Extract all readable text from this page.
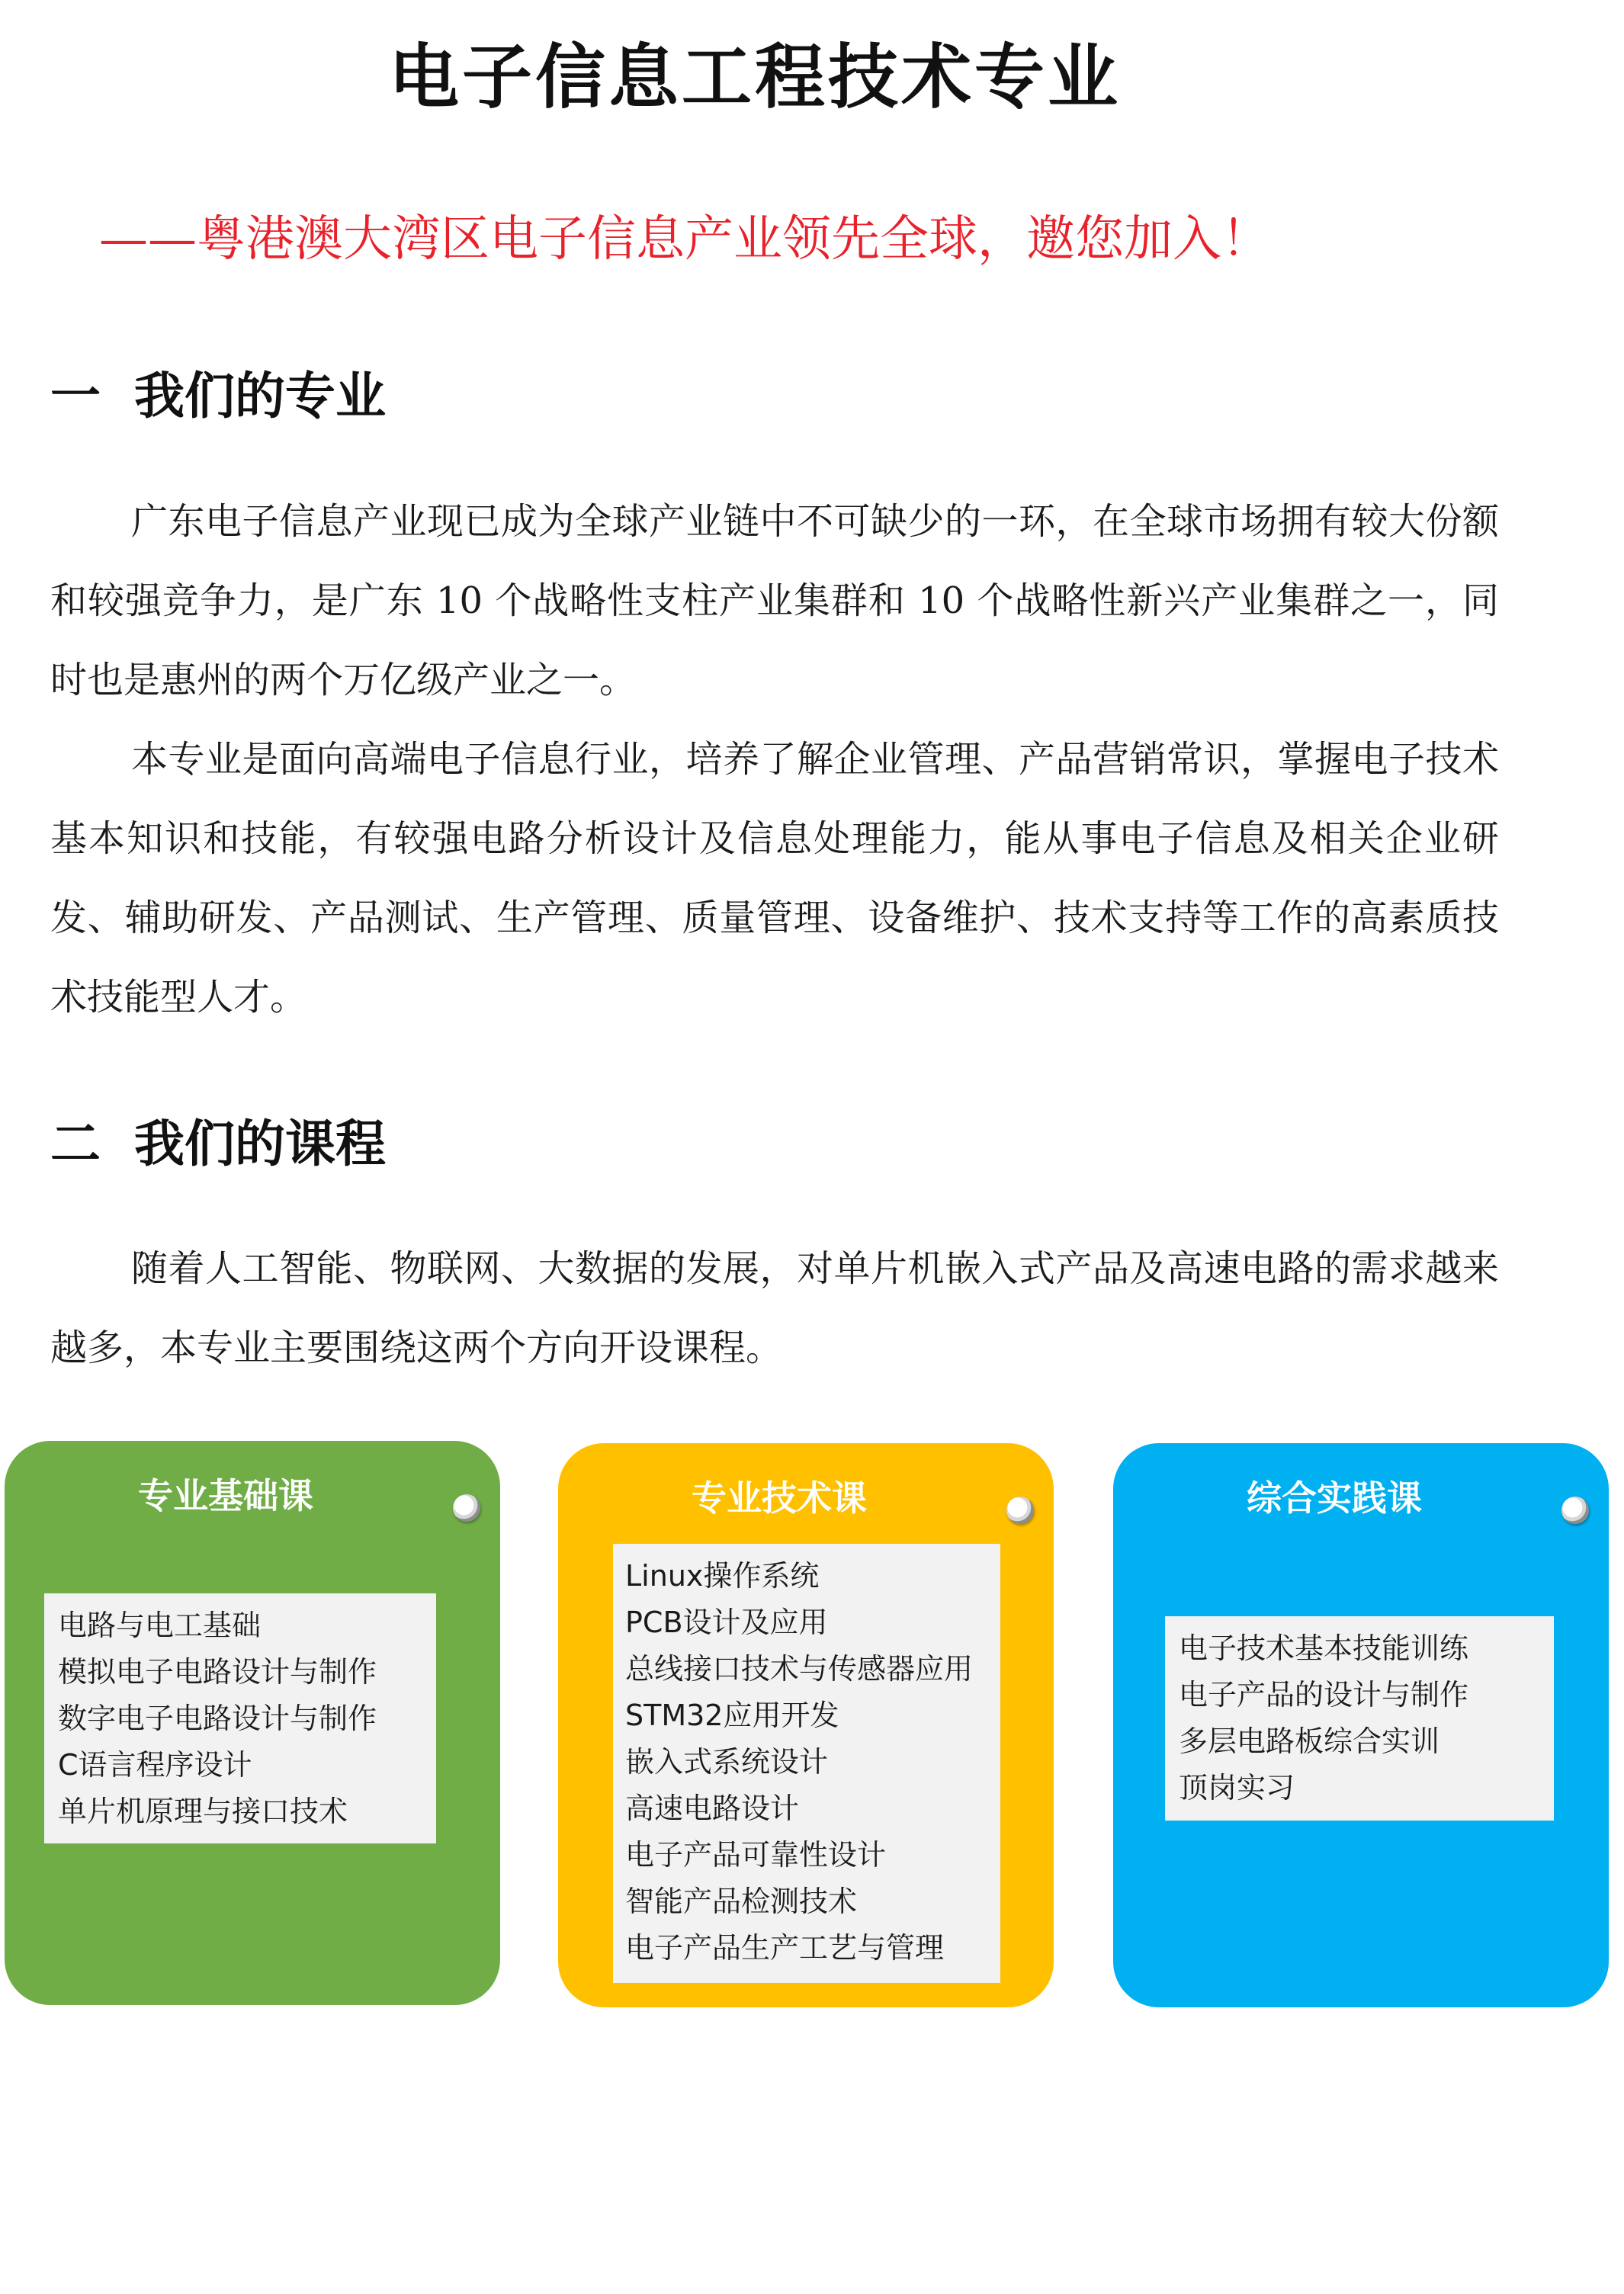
电子信息工程技术专业

——粤港澳大湾区电子信息产业领先全球，邀您加入！

一 我们的专业

广东电子信息产业现已成为全球产业链中不可缺少的一环，在全球市场拥有较大份额和较强竞争力，是广东 10 个战略性支柱产业集群和 10 个战略性新兴产业集群之一，同时也是惠州的两个万亿级产业之一。

本专业是面向高端电子信息行业，培养了解企业管理、产品营销常识，掌握电子技术基本知识和技能，有较强电路分析设计及信息处理能力，能从事电子信息及相关企业研发、辅助研发、产品测试、生产管理、质量管理、设备维护、技术支持等工作的高素质技术技能型人才。

二 我们的课程

随着人工智能、物联网、大数据的发展，对单片机嵌入式产品及高速电路的需求越来越多，本专业主要围绕这两个方向开设课程。

专业基础课
电路与电工基础
模拟电子电路设计与制作
数字电子电路设计与制作
C语言程序设计
单片机原理与接口技术
专业技术课
Linux操作系统
PCB设计及应用
总线接口技术与传感器应用
STM32应用开发
嵌入式系统设计
高速电路设计
电子产品可靠性设计
智能产品检测技术
电子产品生产工艺与管理
综合实践课
电子技术基本技能训练
电子产品的设计与制作
多层电路板综合实训
顶岗实习
